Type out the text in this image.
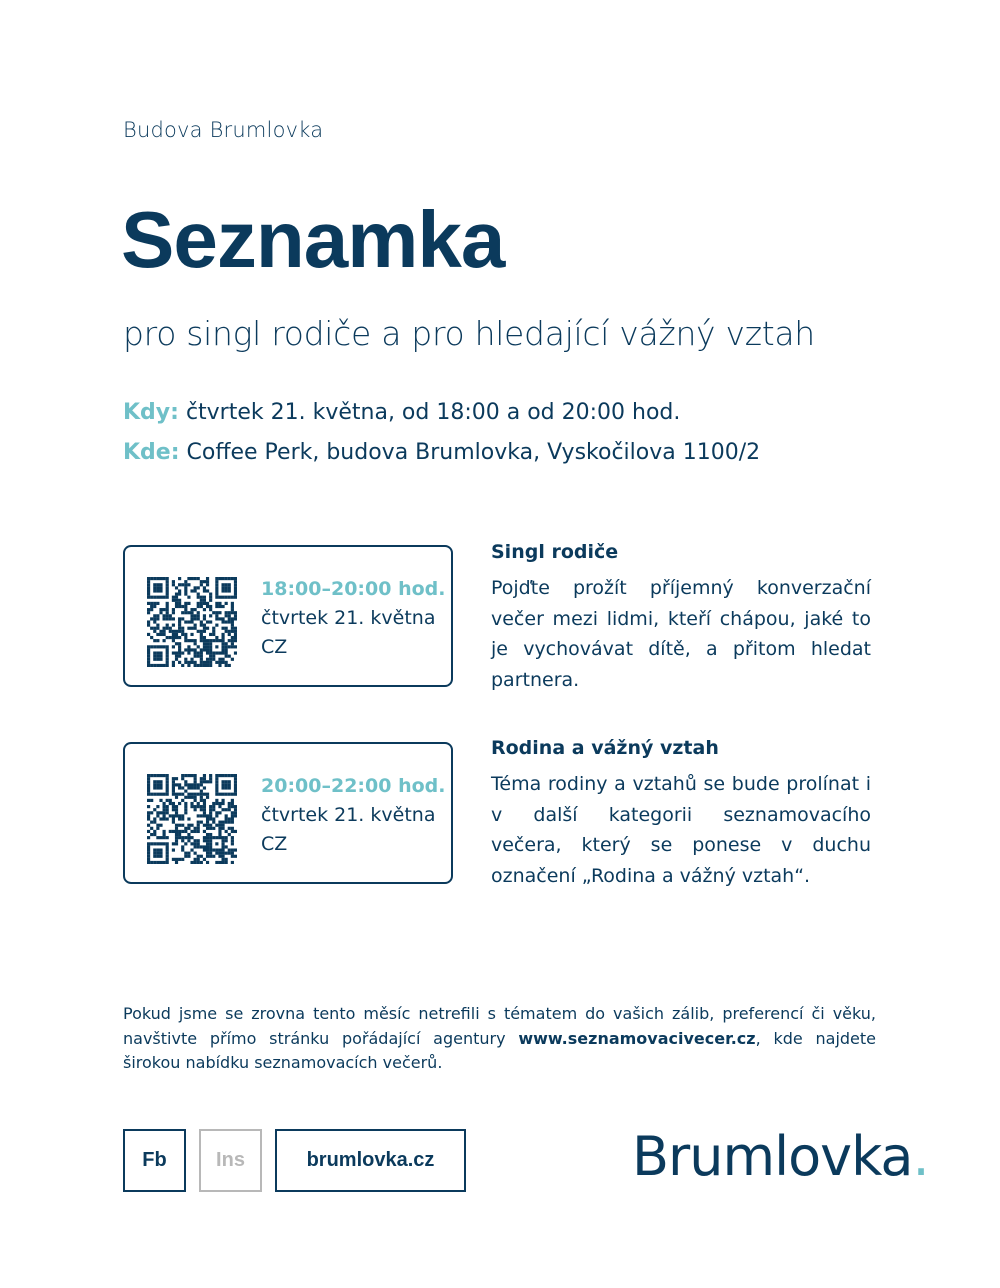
Budova Brumlovka
Seznamka
pro singl rodiče a pro hledající vážný vztah
Kdy: čtvrtek 21. května, od 18:00 a od 20:00 hod.
Kde: Coffee Perk, budova Brumlovka, Vyskočilova 1100/2
18:00–20:00 hod.
čtvrtek 21. května
CZ
Singl rodiče
Pojďte prožít příjemný konverzační večer mezi lidmi, kteří chápou, jaké to je vychovávat dítě, a přitom hledat partnera.
20:00–22:00 hod.
čtvrtek 21. května
CZ
Rodina a vážný vztah
Téma rodiny a vztahů se bude prolínat i v další kategorii seznamovacího večera, který se ponese v duchu označení „Rodina a vážný vztah“.
Pokud jsme se zrovna tento měsíc netrefili s tématem do vašich zálib, preferencí či věku, navštivte přímo stránku pořádající agentury www.seznamovacivecer.cz, kde najdete širokou nabídku seznamovacích večerů.
Fb	Ins	brumlovka.cz	Brumlovka.
